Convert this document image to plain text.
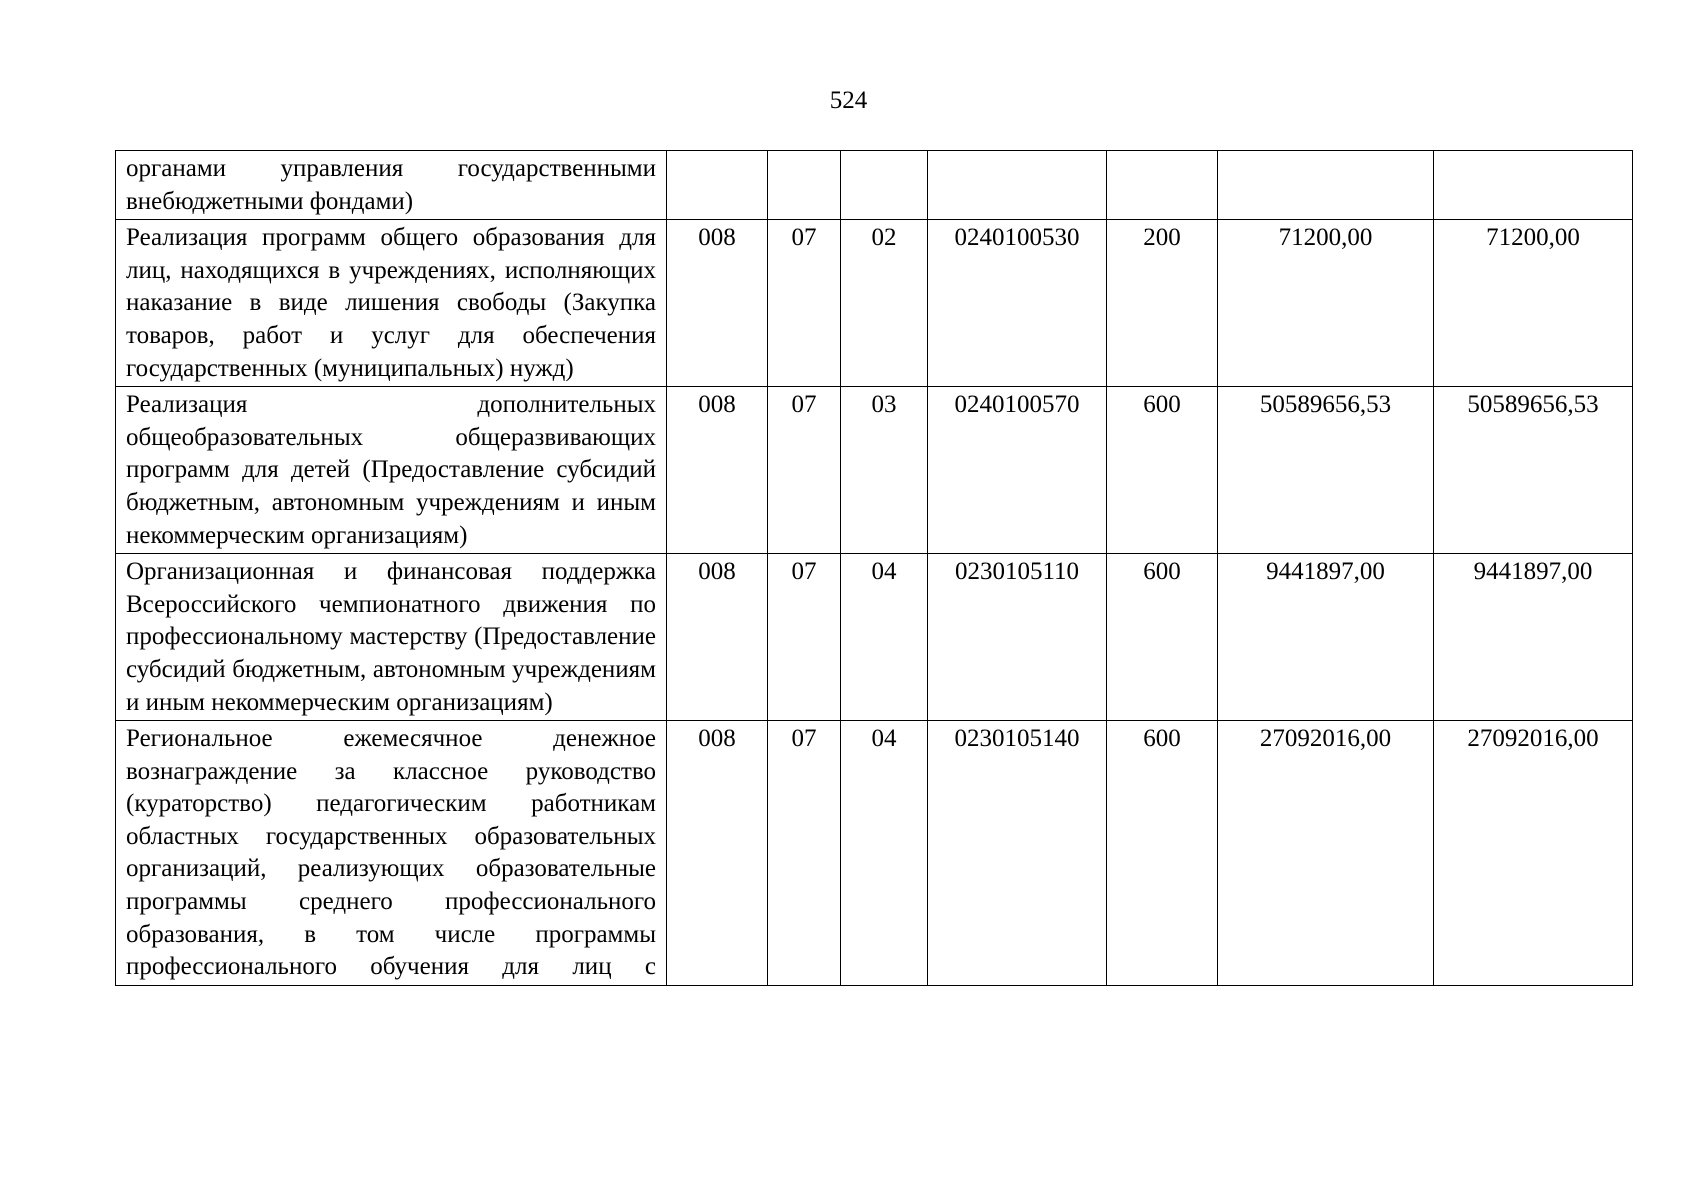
524
органами управления государственными внебюджетными фондами)							
Реализация программ общего образования для лиц, находящихся в учреждениях, исполняющих наказание в виде лишения свободы (Закупка товаров, работ и услуг для обеспечения государственных (муниципальных) нужд)	008	07	02	0240100530	200	71200,00	71200,00
Реализация дополнительных общеобразовательных общеразвивающих программ для детей (Предоставление субсидий бюджетным, автономным учреждениям и иным некоммерческим организациям)	008	07	03	0240100570	600	50589656,53	50589656,53
Организационная и финансовая поддержка Всероссийского чемпионатного движения по профессиональному мастерству (Предоставление субсидий бюджетным, автономным учреждениям и иным некоммерческим организациям)	008	07	04	0230105110	600	9441897,00	9441897,00
Региональное ежемесячное денежное вознаграждение за классное руководство (кураторство) педагогическим работникам областных государственных образовательных организаций, реализующих образовательные программы среднего профессионального образования, в том числе программы профессионального обучения для лиц с	008	07	04	0230105140	600	27092016,00	27092016,00
